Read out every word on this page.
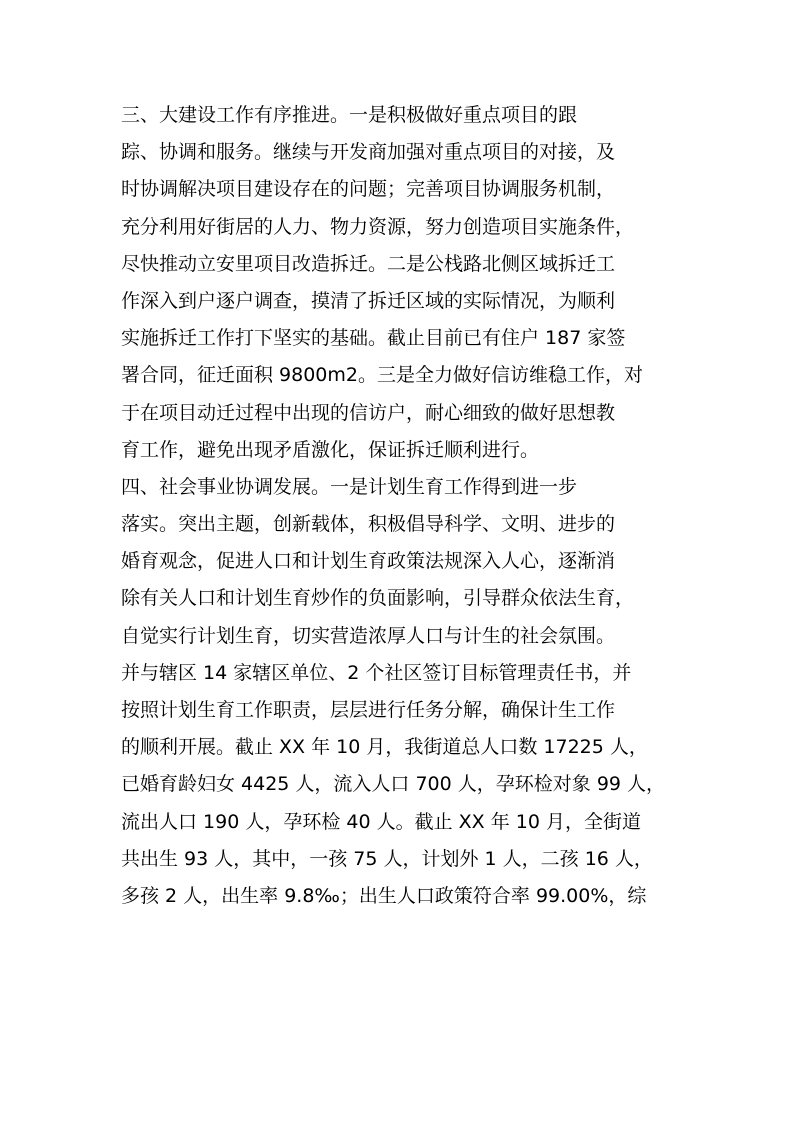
三、大建设工作有序推进。一是积极做好重点项目的跟
踪、协调和服务。继续与开发商加强对重点项目的对接，及
时协调解决项目建设存在的问题；完善项目协调服务机制，
充分利用好街居的人力、物力资源，努力创造项目实施条件，
尽快推动立安里项目改造拆迁。二是公栈路北侧区域拆迁工
作深入到户逐户调查，摸清了拆迁区域的实际情况，为顺利
实施拆迁工作打下坚实的基础。截止目前已有住户 187 家签
署合同，征迁面积 9800m2。三是全力做好信访维稳工作，对
于在项目动迁过程中出现的信访户，耐心细致的做好思想教
育工作，避免出现矛盾激化，保证拆迁顺利进行。
四、社会事业协调发展。一是计划生育工作得到进一步
落实。突出主题，创新载体，积极倡导科学、文明、进步的
婚育观念，促进人口和计划生育政策法规深入人心，逐渐消
除有关人口和计划生育炒作的负面影响，引导群众依法生育，
自觉实行计划生育，切实营造浓厚人口与计生的社会氛围。
并与辖区 14 家辖区单位、2 个社区签订目标管理责任书，并
按照计划生育工作职责，层层进行任务分解，确保计生工作
的顺利开展。截止 XX 年 10 月，我街道总人口数 17225 人，
已婚育龄妇女 4425 人，流入人口 700 人，孕环检对象 99 人，
流出人口 190 人，孕环检 40 人。截止 XX 年 10 月，全街道
共出生 93 人，其中，一孩 75 人，计划外 1 人，二孩 16 人，
多孩 2 人，出生率 9.8‰；出生人口政策符合率 99.00%，综
